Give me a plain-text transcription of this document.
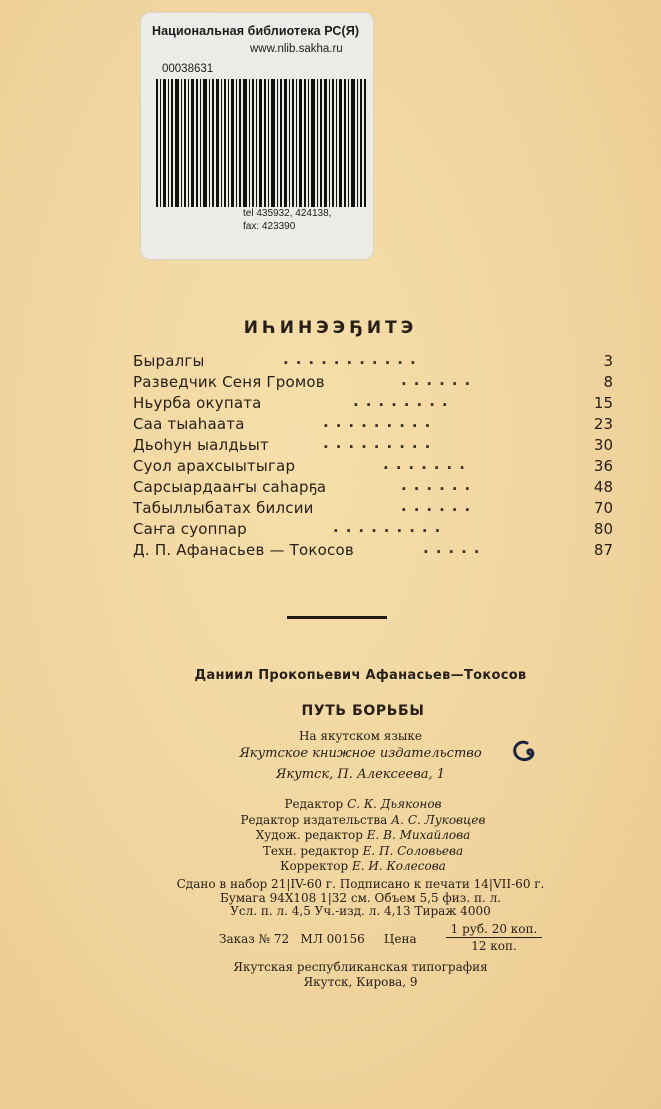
Национальная библиотека РС(Я)
www.nlib.sakha.ru
00038631
tel 435932, 424138,
fax: 423390
ИҺИНЭЭҔИТЭ
Быралгы	...........	3
Разведчик Сеня Громов	......	8
Ньурба окупата	........	15
Саа тыаһаата	.........	23
Дьоһун ыалдьыт	.........	30
Суол арахсыытыгар	.......	36
Сарсыардааҥы саһарҕа	......	48
Табыллыбатах билсии	......	70
Саҥа суоппар	.........	80
Д. П. Афанасьев — Токосов	.....	87
Даниил Прокопьевич Афанасьев—Токосов
ПУТЬ БОРЬБЫ
На якутском языке
Якутское книжное издательство
Якутск, П. Алексеева, 1
Редактор С. К. Дьяконов
Редактор издательства А. С. Луковцев
Худож. редактор Е. В. Михайлова
Техн. редактор Е. П. Соловьева
Корректор Е. И. Колесова
Сдано в набор 21|IV-60 г. Подписано к печати 14|VII-60 г.
Бумага 94Х108 1|32 см. Объем 5,5 физ. п. л.
Усл. п. л. 4,5 Уч.-изд. л. 4,13 Тираж 4000
Заказ № 72   МЛ 00156     Цена
1 руб. 20 коп.
12 коп.
Якутская республиканская типография
Якутск, Кирова, 9
